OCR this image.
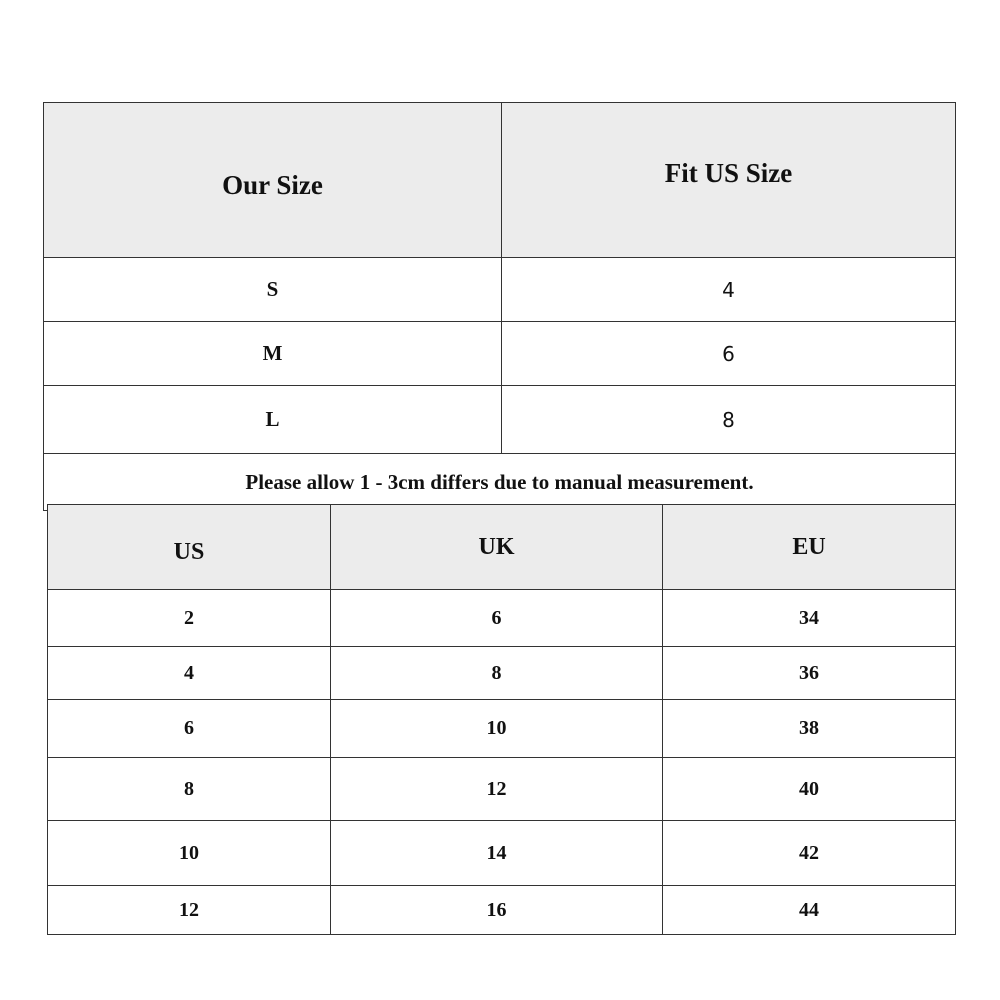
Our Size	Fit US Size
S	4
M	6
L	8
Please allow 1 - 3cm differs due to manual measurement.	
US	UK	EU
2	6	34
4	8	36
6	10	38
8	12	40
10	14	42
12	16	44
